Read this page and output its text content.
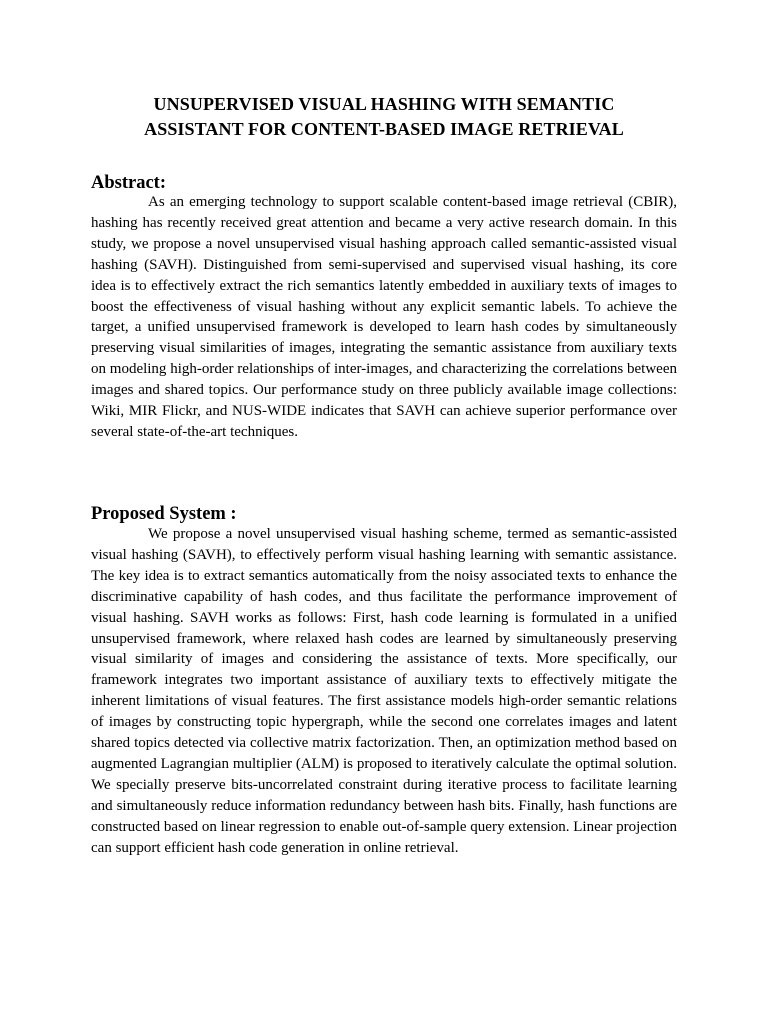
UNSUPERVISED VISUAL HASHING WITH SEMANTIC
ASSISTANT FOR CONTENT-BASED IMAGE RETRIEVAL
Abstract:
As an emerging technology to support scalable content-based image retrieval (CBIR), hashing has recently received great attention and became a very active research domain. In this study, we propose a novel unsupervised visual hashing approach called semantic-assisted visual hashing (SAVH). Distinguished from semi-supervised and supervised visual hashing, its core idea is to effectively extract the rich semantics latently embedded in auxiliary texts of images to boost the effectiveness of visual hashing without any explicit semantic labels. To achieve the target, a unified unsupervised framework is developed to learn hash codes by simultaneously preserving visual similarities of images, integrating the semantic assistance from auxiliary texts on modeling high-order relationships of inter-images, and characterizing the correlations between images and shared topics. Our performance study on three publicly available image collections: Wiki, MIR Flickr, and NUS-WIDE indicates that SAVH can achieve superior performance over several state-of-the-art techniques.
Proposed System :
We propose a novel unsupervised visual hashing scheme, termed as semantic-assisted visual hashing (SAVH), to effectively perform visual hashing learning with semantic assistance. The key idea is to extract semantics automatically from the noisy associated texts to enhance the discriminative capability of hash codes, and thus facilitate the performance improvement of visual hashing. SAVH works as follows: First, hash code learning is formulated in a unified unsupervised framework, where relaxed hash codes are learned by simultaneously preserving visual similarity of images and considering the assistance of texts. More specifically, our framework integrates two important assistance of auxiliary texts to effectively mitigate the inherent limitations of visual features. The first assistance models high-order semantic relations of images by constructing topic hypergraph, while the second one correlates images and latent shared topics detected via collective matrix factorization. Then, an optimization method based on augmented Lagrangian multiplier (ALM) is proposed to iteratively calculate the optimal solution. We specially preserve bits-uncorrelated constraint during iterative process to facilitate learning and simultaneously reduce information redundancy between hash bits. Finally, hash functions are constructed based on linear regression to enable out-of-sample query extension. Linear projection can support efficient hash code generation in online retrieval.
